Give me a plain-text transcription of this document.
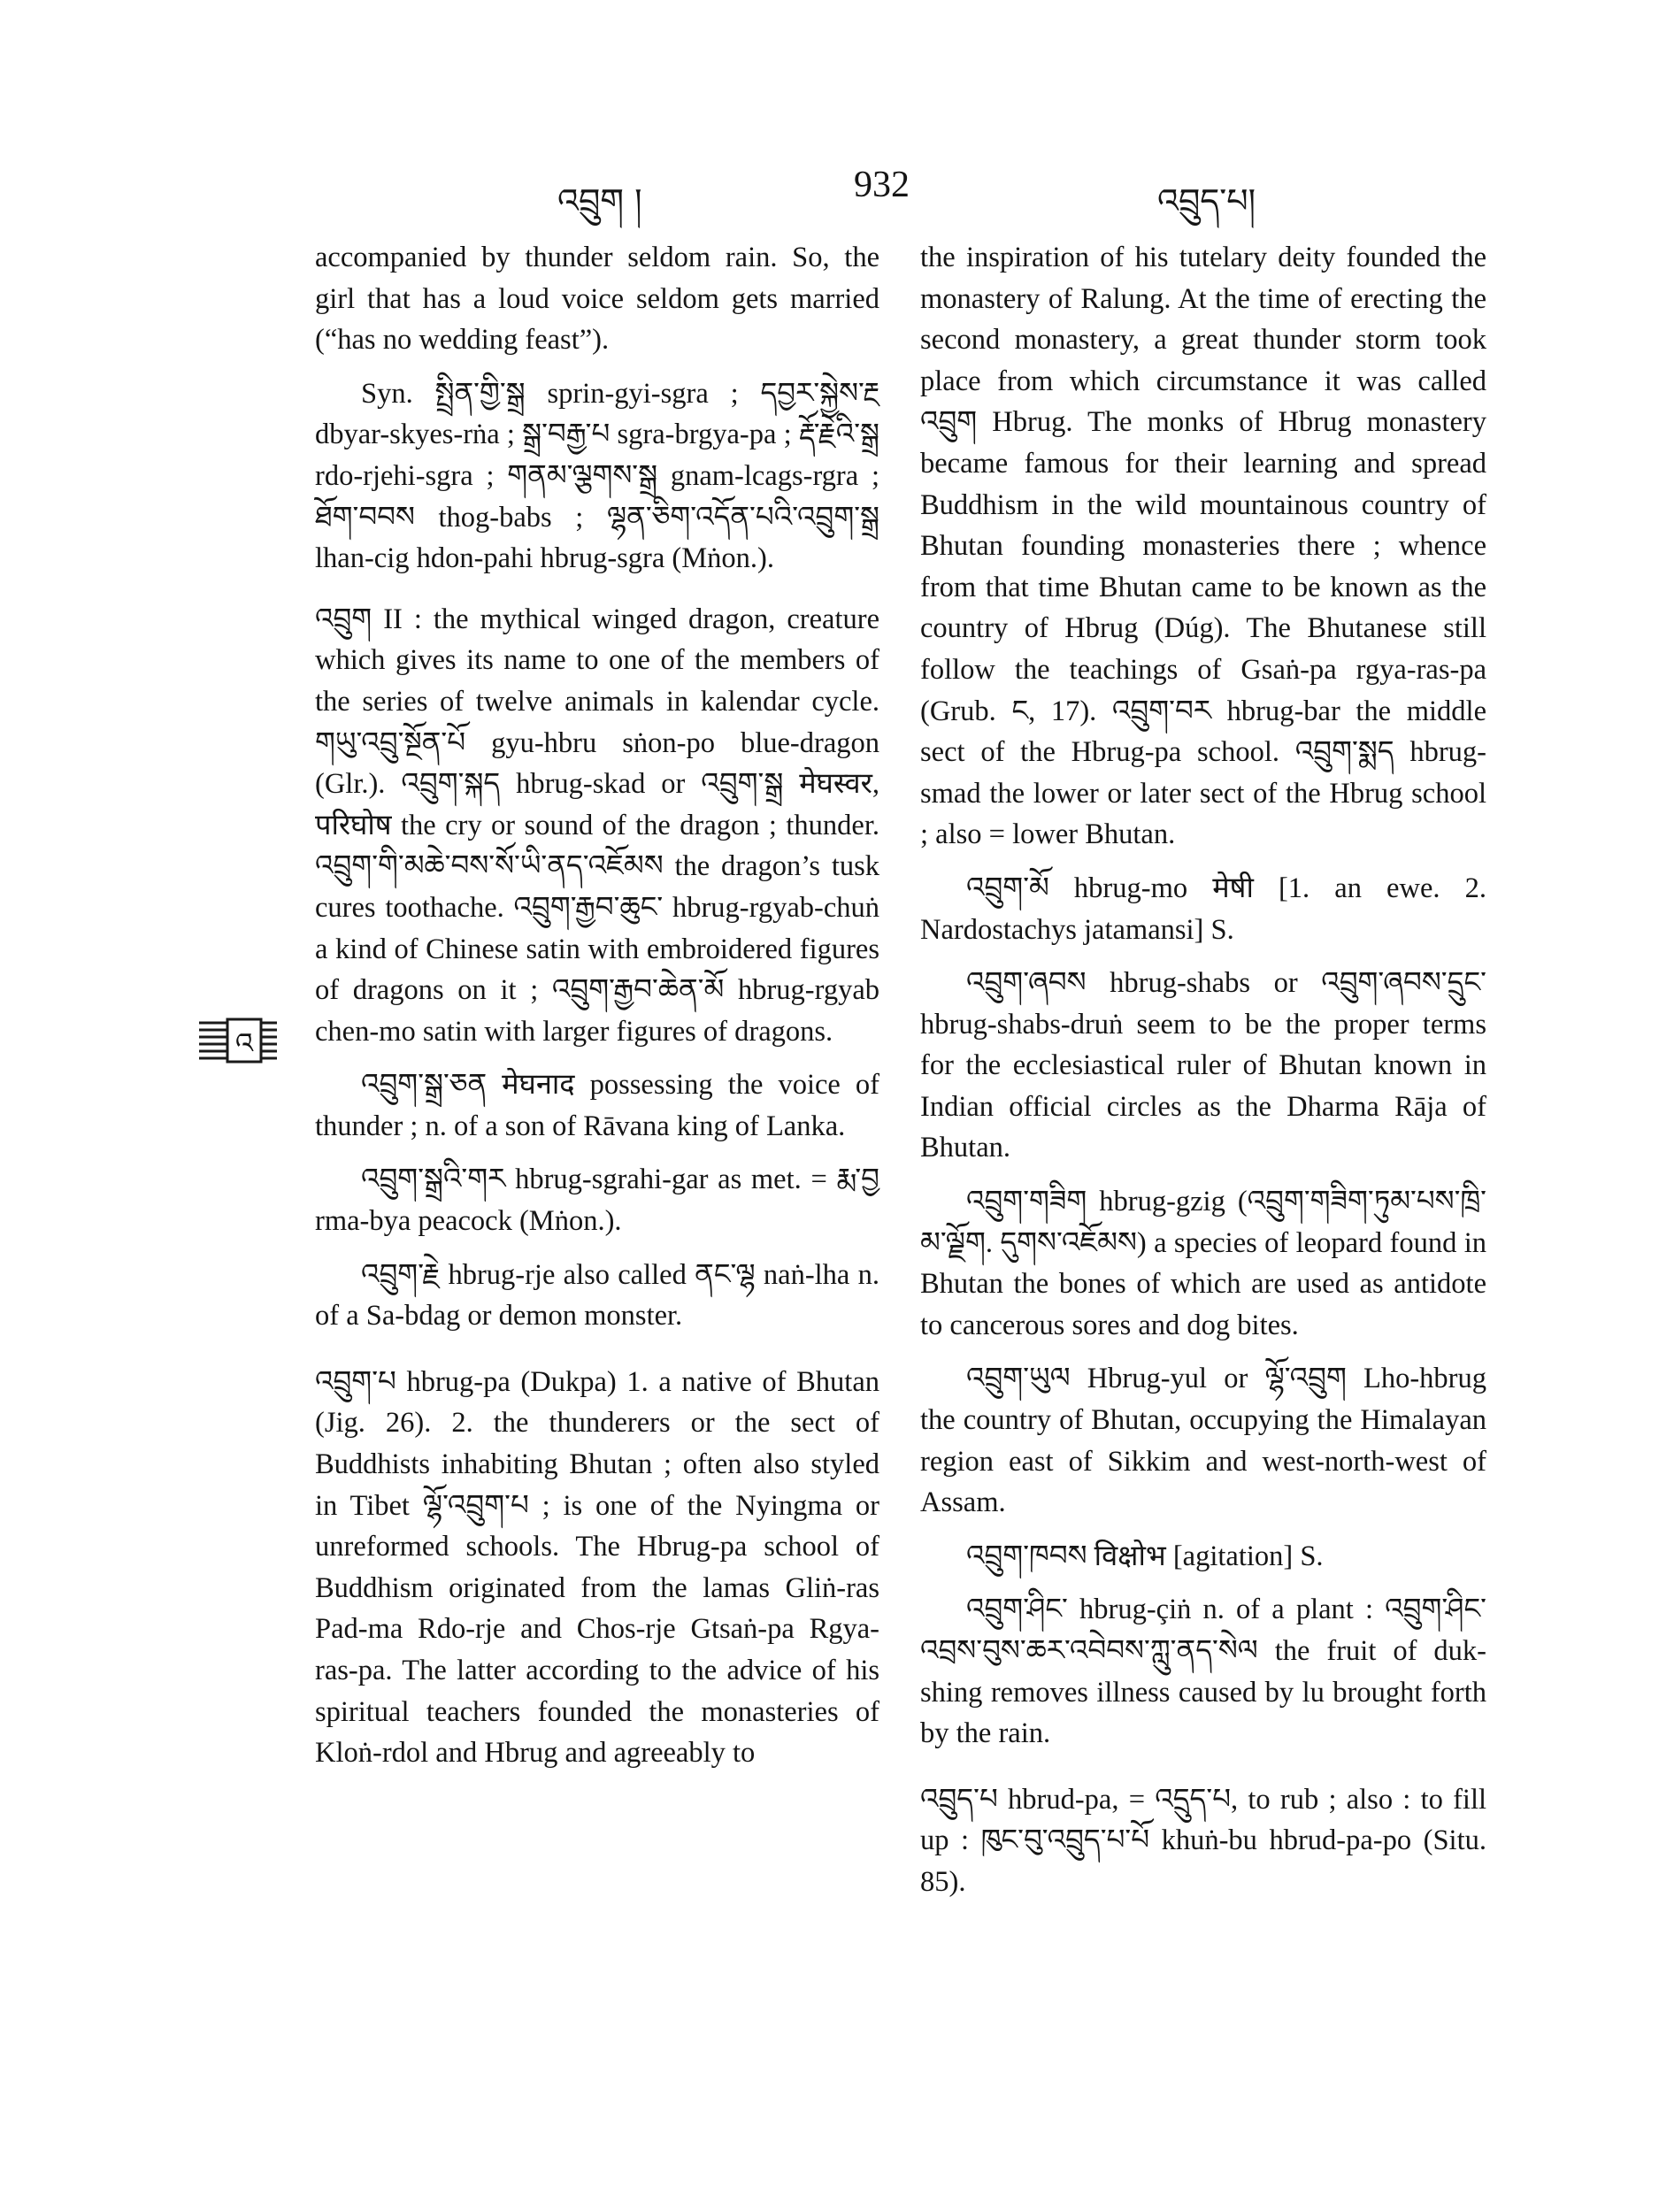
འབྲུག །	932	འབྲུད་པ།
འ

accompanied by thunder seldom rain. So, the girl that has a loud voice seldom gets married (“has no wedding feast”).

Syn. སྤྲིན་གྱི་སྒྲ sprin-gyi-sgra ; དབྱར་སྐྱེས་རྔ dbyar-skyes-rṅa ; སྒྲ་བརྒྱ་པ sgra-brgya-pa ; རྡོ་རྗེའི་སྒྲ rdo-rjehi-sgra ; གནམ་ལྕགས་སྒྲ gnam-lcags-rgra ; ཐོག་བབས thog-babs ; ལྷན་ཅིག་འདོན་པའི་འབྲུག་སྒྲ lhan-cig hdon-pahi hbrug-sgra (Mṅon.).

འབྲུག II : the mythical winged dragon, creature which gives its name to one of the members of the series of twelve animals in kalendar cycle. གཡུ་འབྲུ་སྔོན་པོ gyu-hbru sṅon-po blue-dragon (Glr.). འབྲུག་སྐད hbrug-skad or འབྲུག་སྒྲ मेघस्वर, परिघोष the cry or sound of the dragon ; thunder. འབྲུག་གི་མཆེ་བས་སོ་ཡི་ནད་འཇོམས the dragon’s tusk cures toothache. འབྲུག་རྒྱབ་ཆུང་ hbrug-rgyab-chuṅ a kind of Chinese satin with embroidered figures of dragons on it ; འབྲུག་རྒྱབ་ཆེན་མོ hbrug-rgyab chen-mo satin with larger figures of dragons.

འབྲུག་སྒྲ་ཅན मेघनाद possessing the voice of thunder ; n. of a son of Rāvana king of Lanka.

འབྲུག་སྒྲའི་གར hbrug-sgrahi-gar as met. = རྨ་བྱ rma-bya peacock (Mṅon.).

འབྲུག་རྗེ hbrug-rje also called ནང་ལྷ naṅ-lha n. of a Sa-bdag or demon monster.

འབྲུག་པ hbrug-pa (Dukpa) 1. a native of Bhutan (Jig. 26). 2. the thunderers or the sect of Buddhists inhabiting Bhutan ; often also styled in Tibet ལྷོ་འབྲུག་པ ; is one of the Nyingma or unreformed schools. The Hbrug-pa school of Buddhism originated from the lamas Gliṅ-ras Pad-ma Rdo-rje and Chos-rje Gtsaṅ-pa Rgya-ras-pa. The latter according to the advice of his spiritual teachers founded the monasteries of Kloṅ-rdol and Hbrug and agreeably to

the inspiration of his tutelary deity founded the monastery of Ralung. At the time of erecting the second monastery, a great thunder storm took place from which circumstance it was called འབྲུག Hbrug. The monks of Hbrug monastery became famous for their learning and spread Buddhism in the wild mountainous country of Bhutan founding monasteries there ; whence from that time Bhutan came to be known as the country of Hbrug (Dúg). The Bhutanese still follow the teachings of Gsaṅ-pa rgya-ras-pa (Grub. ང, 17). འབྲུག་བར hbrug-bar the middle sect of the Hbrug-pa school. འབྲུག་སྨད hbrug-smad the lower or later sect of the Hbrug school ; also = lower Bhutan.

འབྲུག་མོ hbrug-mo मेषी [1. an ewe. 2. Nardostachys jatamansi] S.

འབྲུག་ཞབས hbrug-shabs or འབྲུག་ཞབས་དྲུང་ hbrug-shabs-druṅ seem to be the proper terms for the ecclesiastical ruler of Bhutan known in Indian official circles as the Dharma Rāja of Bhutan.

འབྲུག་གཟིག hbrug-gzig (འབྲུག་གཟིག་ཏུམ་པས་ཁྲི་མ་ལྗོག. དུགས་འཇོམས) a species of leopard found in Bhutan the bones of which are used as antidote to cancerous sores and dog bites.

འབྲུག་ཡུལ Hbrug-yul or ལྷོ་འབྲུག Lho-hbrug the country of Bhutan, occupying the Himalayan region east of Sikkim and west-north-west of Assam.

འབྲུག་ཁབས विक्षोभ [agitation] S.

འབྲུག་ཤིང་ hbrug-çiṅ n. of a plant : འབྲུག་ཤིང་འབྲས་བུས་ཆར་འབེབས་ཀླུ་ནད་སེལ the fruit of duk-shing removes illness caused by lu brought forth by the rain.

འབྲུད་པ hbrud-pa, = འདྲུད་པ, to rub ; also : to fill up : ཁུང་བུ་འབྲུད་པ་པོ khuṅ-bu hbrud-pa-po (Situ. 85).
